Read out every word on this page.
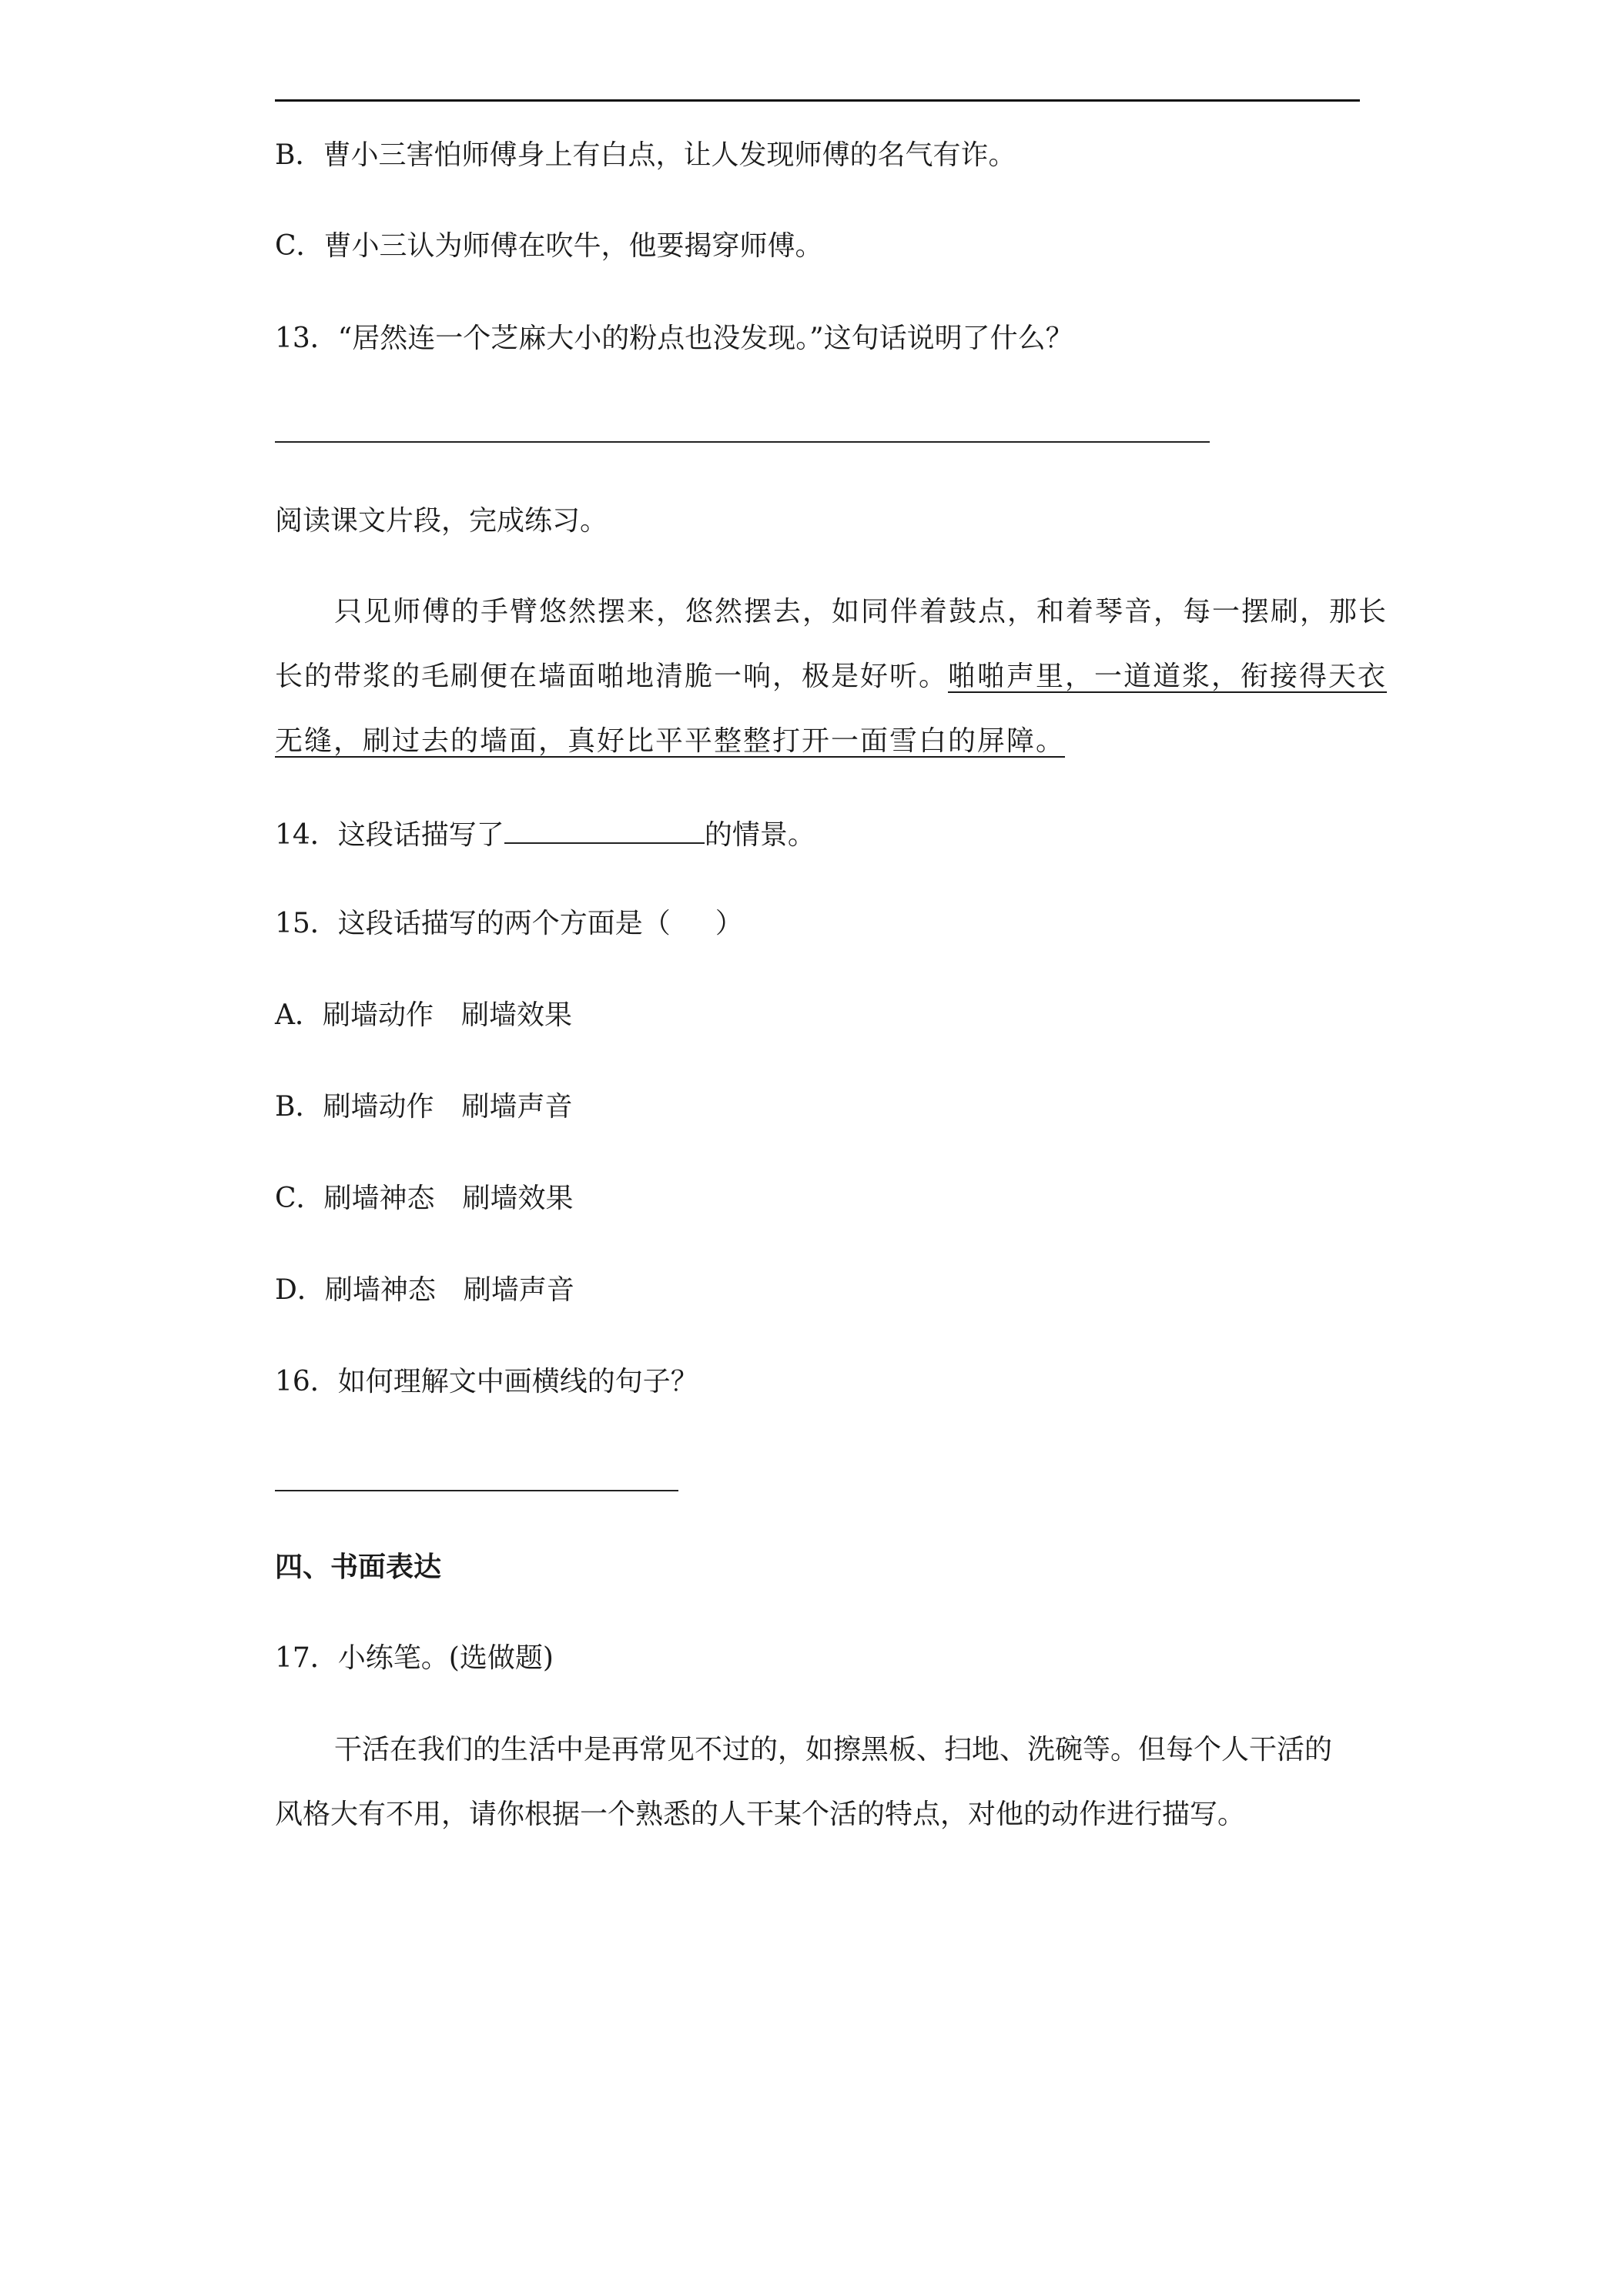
B．曹小三害怕师傅身上有白点，让人发现师傅的名气有诈。
C．曹小三认为师傅在吹牛，他要揭穿师傅。
13．“居然连一个芝麻大小的粉点也没发现。”这句话说明了什么？
阅读课文片段，完成练习。
只见师傅的手臂悠然摆来，悠然摆去，如同伴着鼓点，和着琴音，每一摆刷，那长
长的带浆的毛刷便在墙面啪地清脆一响，极是好听。啪啪声里，一道道浆，衔接得天衣
无缝，刷过去的墙面，真好比平平整整打开一面雪白的屏障。
14．这段话描写了	的情景。
15．这段话描写的两个方面是（ ）
A．刷墙动作　刷墙效果
B．刷墙动作　刷墙声音
C．刷墙神态　刷墙效果
D．刷墙神态　刷墙声音
16．如何理解文中画横线的句子？
四、书面表达
17．小练笔。(选做题)
干活在我们的生活中是再常见不过的，如擦黑板、扫地、洗碗等。但每个人干活的
风格大有不用，请你根据一个熟悉的人干某个活的特点，对他的动作进行描写。
